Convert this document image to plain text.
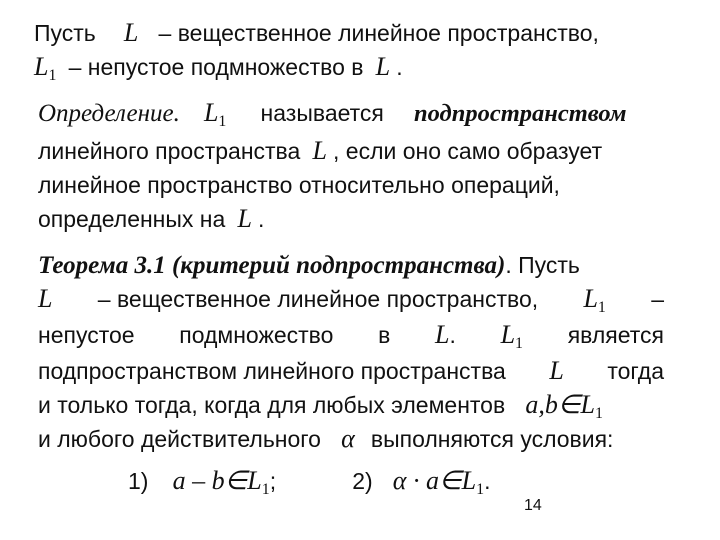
Пусть L – вещественное линейное пространство,
$L_1$ – непустое подмножество в L .
Определение. $L_1$ называется подпространством
линейного пространства L , если оно само образует
линейное пространство относительно операций,
определенных на L .
Теорема 3.1 (критерий подпространства). Пусть
L – вещественное линейное пространство, $L_1$ –
непустое подмножество в L. $L_1$ является
подпространством линейного пространства L тогда
и только тогда, когда для любых элементов $a,b\in L_1$
и любого действительного α выполняются условия:
1) a – $b\in L_1$;	2) $\alpha \cdot a\in L_1$.
14
